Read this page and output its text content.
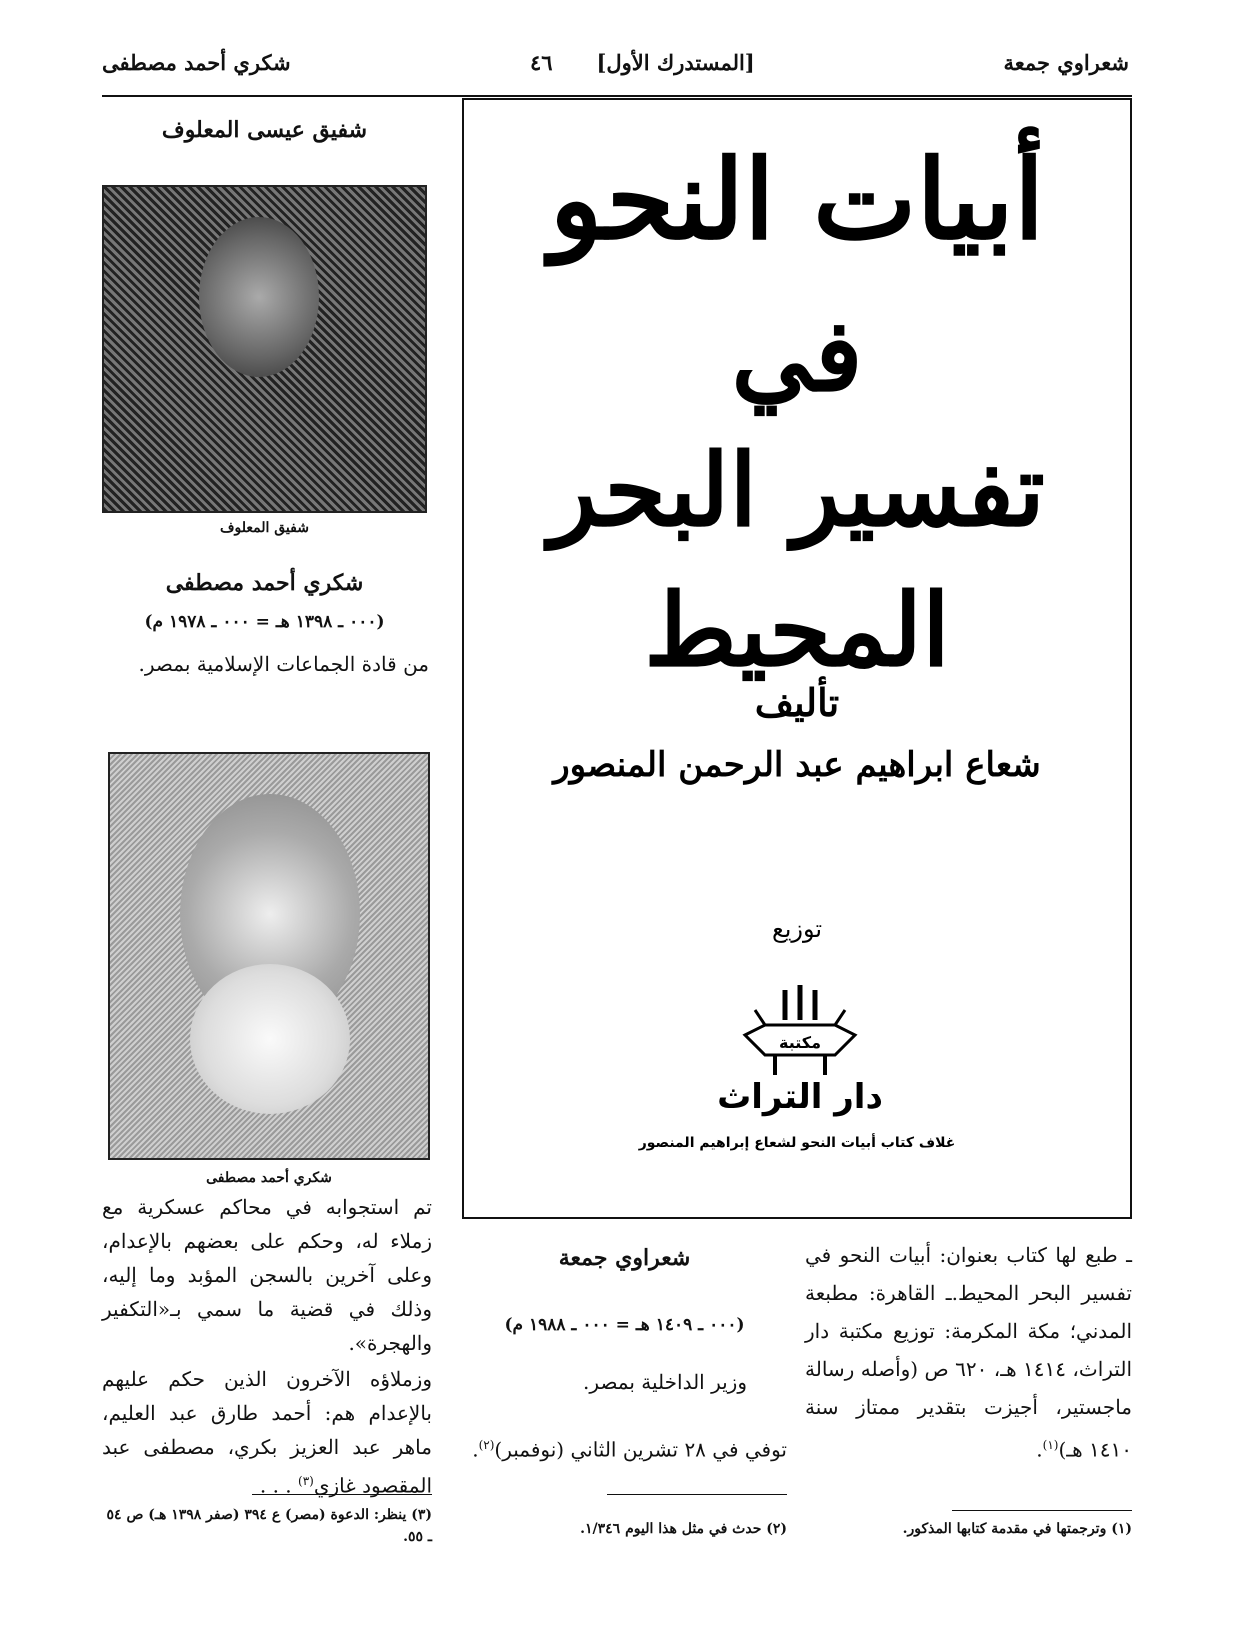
شعراوي جمعة
[المستدرك الأول]      ٤٦
شكري أحمد مصطفى
أبيات النحو
في
تفسير البحر المحيط
تأليف
شعاع ابراهيم عبد الرحمن المنصور
توزيع
غلاف كتاب أبيات النحو لشعاع إبراهيم المنصور
مكتبة
دار التراث
شفيق عيسى المعلوف
شفيق المعلوف
شكري أحمد مصطفى
(٠٠٠ ـ ١٣٩٨ هـ = ٠٠٠ ـ ١٩٧٨ م)
من قادة الجماعات الإسلامية بمصر.
شكري أحمد مصطفى
تم استجوابه في محاكم عسكرية مع زملاء له، وحكم على بعضهم بالإعدام، وعلى آخرين بالسجن المؤبد وما إليه، وذلك في قضية ما سمي بـ«التكفير والهجرة».
وزملاؤه الآخرون الذين حكم عليهم بالإعدام هم: أحمد طارق عبد العليم، ماهر عبد العزيز بكري، مصطفى عبد المقصود غازي$^{(٣)}$ . . .
(٣) ينظر: الدعوة (مصر) ع ٣٩٤ (صفر ١٣٩٨ هـ) ص ٥٤ ـ ٥٥.
شعراوي جمعة
(٠٠٠ ـ ١٤٠٩ هـ = ٠٠٠ ـ ١٩٨٨ م)
وزير الداخلية بمصر.
توفي في ٢٨ تشرين الثاني (نوفمبر)$^{(٢)}$.
(٢) حدث في مثل هذا اليوم ١/٣٤٦.
ـ طبع لها كتاب بعنوان: أبيات النحو في تفسير البحر المحيط.ـ القاهرة: مطبعة المدني؛ مكة المكرمة: توزيع مكتبة دار التراث، ١٤١٤ هـ، ٦٢٠ ص (وأصله رسالة ماجستير، أجيزت بتقدير ممتاز سنة ١٤١٠ هـ)$^{(١)}$.
(١) وترجمتها في مقدمة كتابها المذكور.
